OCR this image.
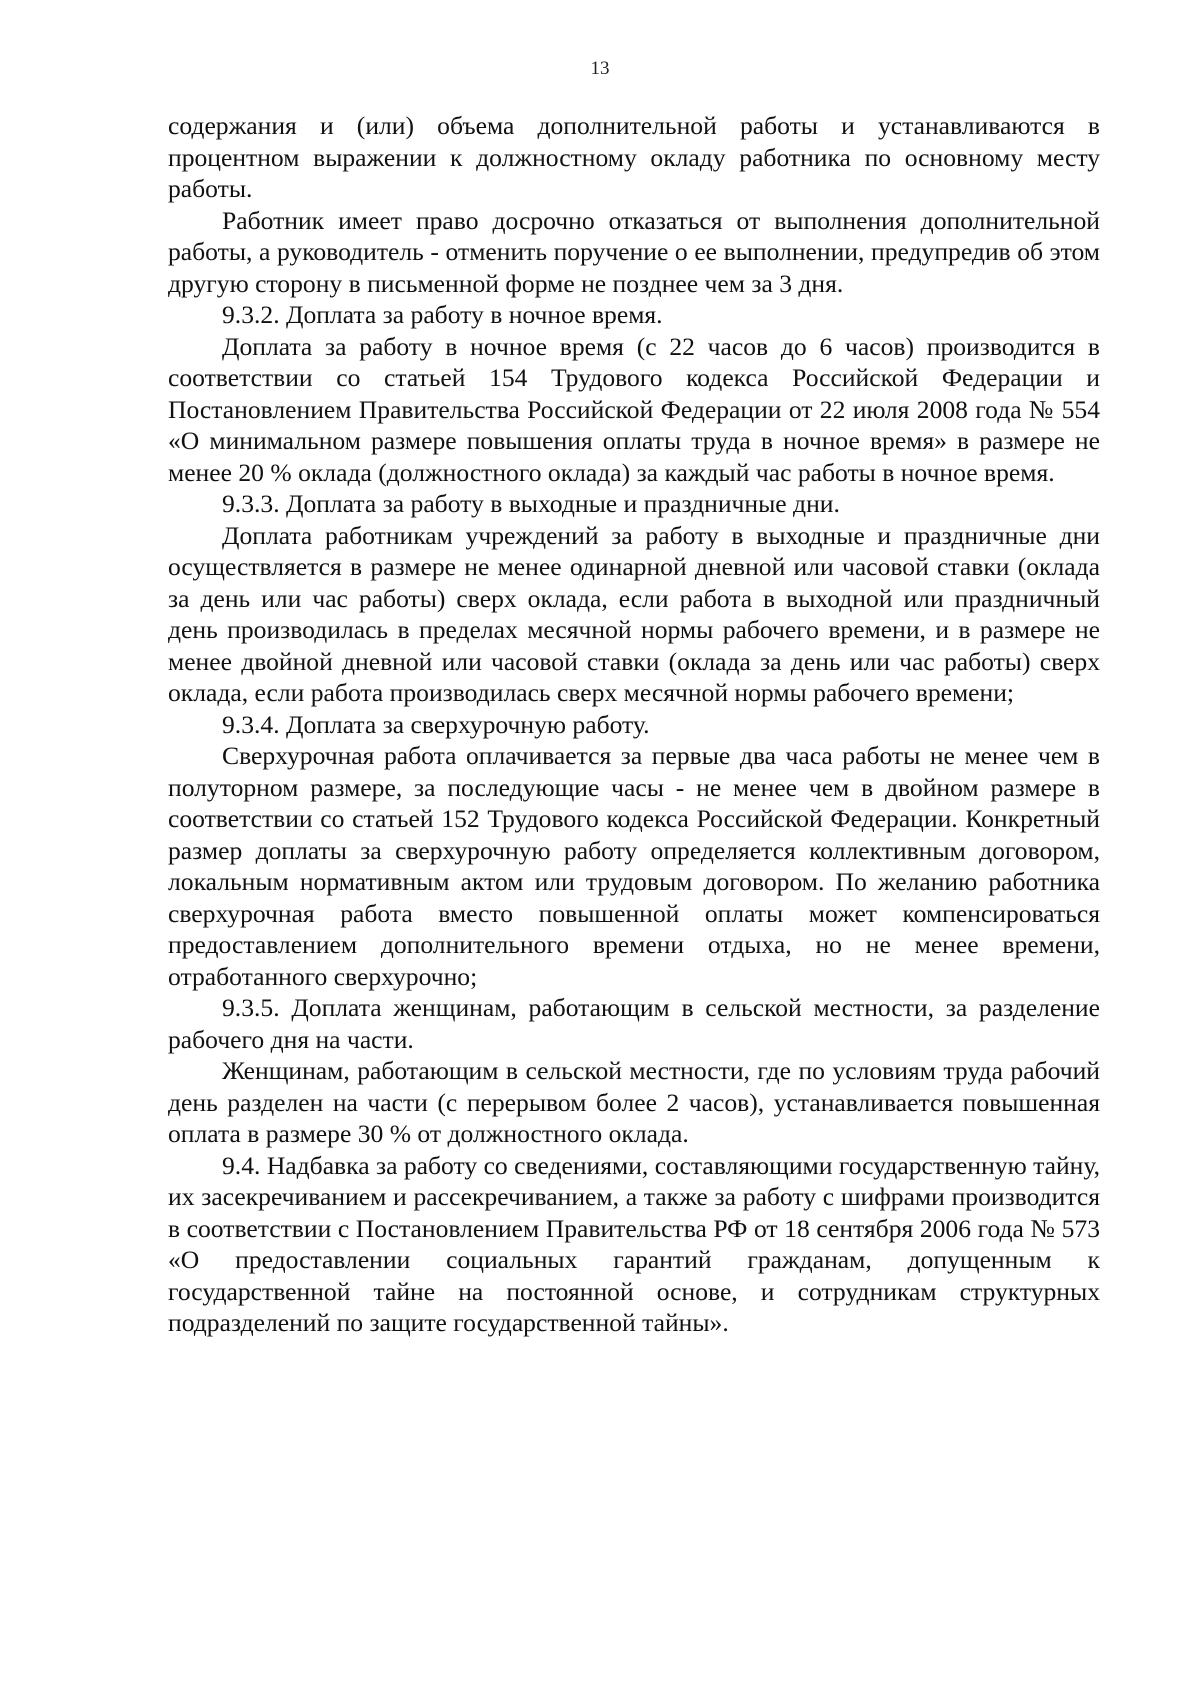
13

содержания и (или) объема дополнительной работы и устанавливаются в процентном выражении к должностному окладу работника по основному месту работы.

Работник имеет право досрочно отказаться от выполнения дополнительной работы, а руководитель - отменить поручение о ее выполнении, предупредив об этом другую сторону в письменной форме не позднее чем за 3 дня.

9.3.2. Доплата за работу в ночное время.

Доплата за работу в ночное время (с 22 часов до 6 часов) производится в соответствии со статьей 154 Трудового кодекса Российской Федерации и Постановлением Правительства Российской Федерации от 22 июля 2008 года № 554 «О минимальном размере повышения оплаты труда в ночное время» в размере не менее 20 % оклада (должностного оклада) за каждый час работы в ночное время.

9.3.3. Доплата за работу в выходные и праздничные дни.

Доплата работникам учреждений за работу в выходные и праздничные дни осуществляется в размере не менее одинарной дневной или часовой ставки (оклада за день или час работы) сверх оклада, если работа в выходной или праздничный день производилась в пределах месячной нормы рабочего времени, и в размере не менее двойной дневной или часовой ставки (оклада за день или час работы) сверх оклада, если работа производилась сверх месячной нормы рабочего времени;

9.3.4. Доплата за сверхурочную работу.

Сверхурочная работа оплачивается за первые два часа работы не менее чем в полуторном размере, за последующие часы - не менее чем в двойном размере в соответствии со статьей 152 Трудового кодекса Российской Федерации. Конкретный размер доплаты за сверхурочную работу определяется коллективным договором, локальным нормативным актом или трудовым договором. По желанию работника сверхурочная работа вместо повышенной оплаты может компенсироваться предоставлением дополнительного времени отдыха, но не менее времени, отработанного сверхурочно;

9.3.5. Доплата женщинам, работающим в сельской местности, за разделение рабочего дня на части.

Женщинам, работающим в сельской местности, где по условиям труда рабочий день разделен на части (с перерывом более 2 часов), устанавливается повышенная оплата в размере 30 % от должностного оклада.

9.4. Надбавка за работу со сведениями, составляющими государственную тайну, их засекречиванием и рассекречиванием, а также за работу с шифрами производится в соответствии с Постановлением Правительства РФ от 18 сентября 2006 года № 573 «О предоставлении социальных гарантий гражданам, допущенным к государственной тайне на постоянной основе, и сотрудникам структурных подразделений по защите государственной тайны».
